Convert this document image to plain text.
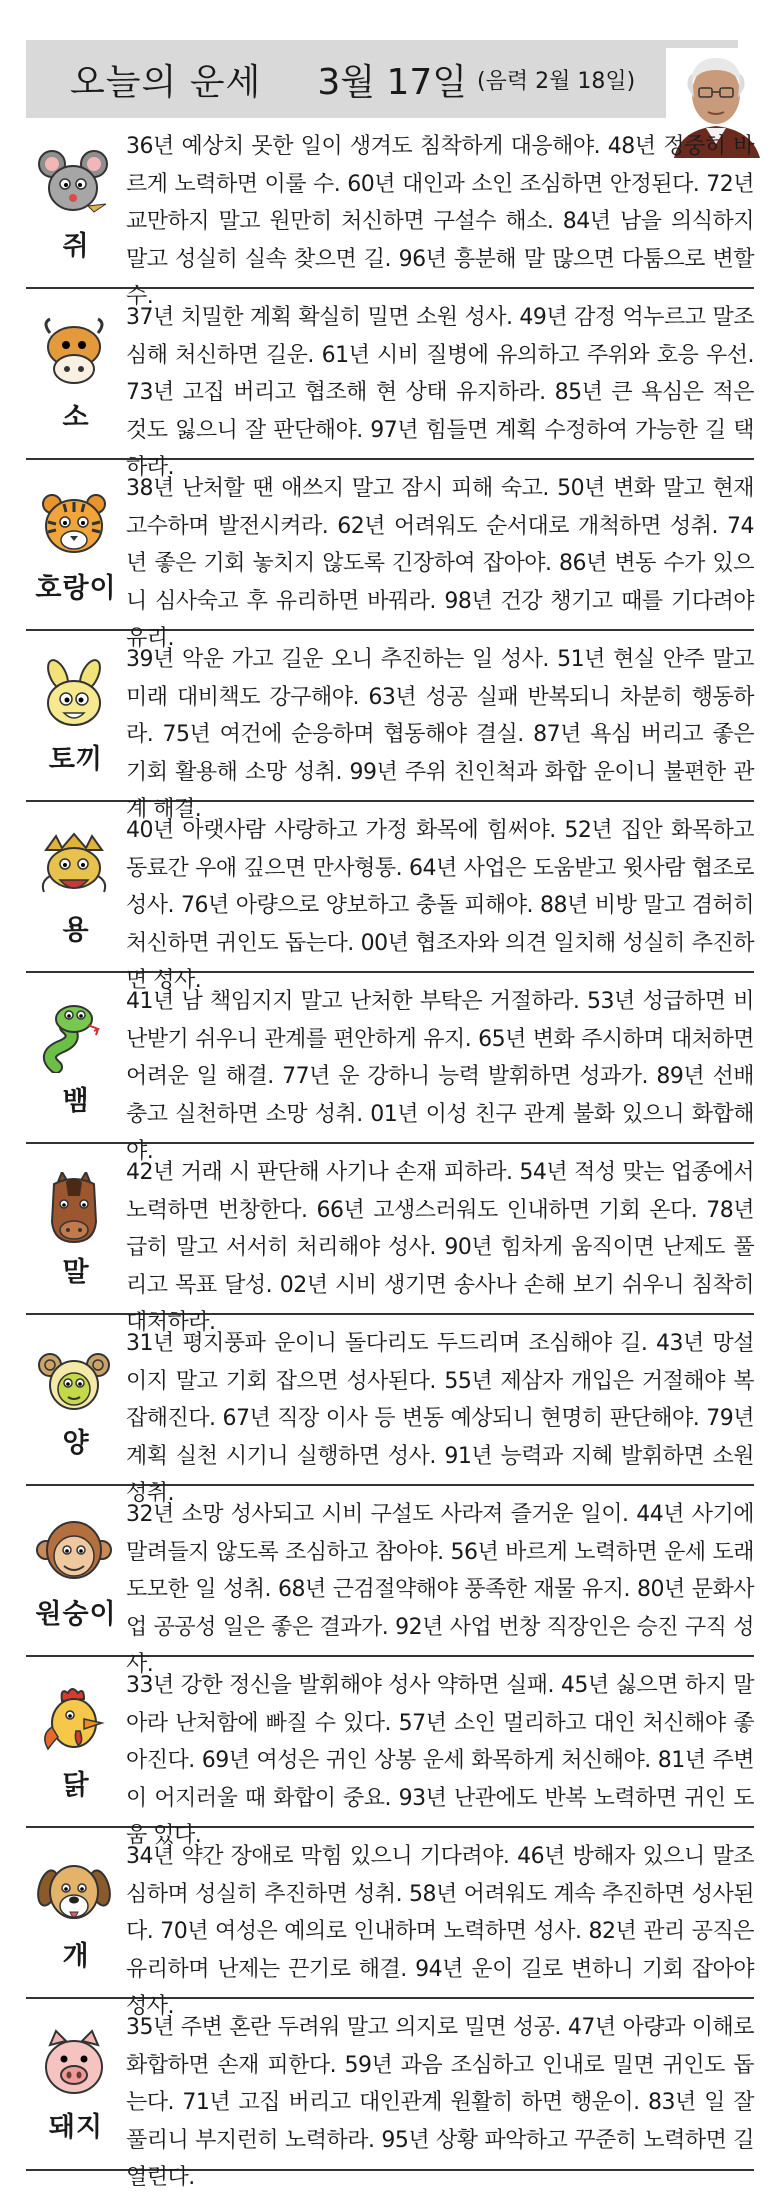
오늘의 운세 3월 17일 (음력 2월 18일)
쥐
36년 예상치 못한 일이 생겨도 침착하게 대응해야. 48년 정중히 바르게 노력하면 이룰 수. 60년 대인과 소인 조심하면 안정된다. 72년 교만하지 말고 원만히 처신하면 구설수 해소. 84년 남을 의식하지 말고 성실히 실속 찾으면 길. 96년 흥분해 말 많으면 다툼으로 변할 수.
소
37년 치밀한 계획 확실히 밀면 소원 성사. 49년 감정 억누르고 말조심해 처신하면 길운. 61년 시비 질병에 유의하고 주위와 호응 우선. 73년 고집 버리고 협조해 현 상태 유지하라. 85년 큰 욕심은 적은 것도 잃으니 잘 판단해야. 97년 힘들면 계획 수정하여 가능한 길 택하라.
호랑이
38년 난처할 땐 애쓰지 말고 잠시 피해 숙고. 50년 변화 말고 현재 고수하며 발전시켜라. 62년 어려워도 순서대로 개척하면 성취. 74년 좋은 기회 놓치지 않도록 긴장하여 잡아야. 86년 변동 수가 있으니 심사숙고 후 유리하면 바꿔라. 98년 건강 챙기고 때를 기다려야 유리.
토끼
39년 악운 가고 길운 오니 추진하는 일 성사. 51년 현실 안주 말고 미래 대비책도 강구해야. 63년 성공 실패 반복되니 차분히 행동하라. 75년 여건에 순응하며 협동해야 결실. 87년 욕심 버리고 좋은 기회 활용해 소망 성취. 99년 주위 친인척과 화합 운이니 불편한 관계 해결.
용
40년 아랫사람 사랑하고 가정 화목에 힘써야. 52년 집안 화목하고 동료간 우애 깊으면 만사형통. 64년 사업은 도움받고 윗사람 협조로 성사. 76년 아량으로 양보하고 충돌 피해야. 88년 비방 말고 겸허히 처신하면 귀인도 돕는다. 00년 협조자와 의견 일치해 성실히 추진하면 성사.
뱀
41년 남 책임지지 말고 난처한 부탁은 거절하라. 53년 성급하면 비난받기 쉬우니 관계를 편안하게 유지. 65년 변화 주시하며 대처하면 어려운 일 해결. 77년 운 강하니 능력 발휘하면 성과가. 89년 선배 충고 실천하면 소망 성취. 01년 이성 친구 관계 불화 있으니 화합해야.
말
42년 거래 시 판단해 사기나 손재 피하라. 54년 적성 맞는 업종에서 노력하면 번창한다. 66년 고생스러워도 인내하면 기회 온다. 78년 급히 말고 서서히 처리해야 성사. 90년 힘차게 움직이면 난제도 풀리고 목표 달성. 02년 시비 생기면 송사나 손해 보기 쉬우니 침착히 대처하라.
양
31년 평지풍파 운이니 돌다리도 두드리며 조심해야 길. 43년 망설이지 말고 기회 잡으면 성사된다. 55년 제삼자 개입은 거절해야 복잡해진다. 67년 직장 이사 등 변동 예상되니 현명히 판단해야. 79년 계획 실천 시기니 실행하면 성사. 91년 능력과 지혜 발휘하면 소원 성취.
원숭이
32년 소망 성사되고 시비 구설도 사라져 즐거운 일이. 44년 사기에 말려들지 않도록 조심하고 참아야. 56년 바르게 노력하면 운세 도래 도모한 일 성취. 68년 근검절약해야 풍족한 재물 유지. 80년 문화사업 공공성 일은 좋은 결과가. 92년 사업 번창 직장인은 승진 구직 성사.
닭
33년 강한 정신을 발휘해야 성사 약하면 실패. 45년 싫으면 하지 말아라 난처함에 빠질 수 있다. 57년 소인 멀리하고 대인 처신해야 좋아진다. 69년 여성은 귀인 상봉 운세 화목하게 처신해야. 81년 주변이 어지러울 때 화합이 중요. 93년 난관에도 반복 노력하면 귀인 도움 있다.
개
34년 약간 장애로 막힘 있으니 기다려야. 46년 방해자 있으니 말조심하며 성실히 추진하면 성취. 58년 어려워도 계속 추진하면 성사된다. 70년 여성은 예의로 인내하며 노력하면 성사. 82년 관리 공직은 유리하며 난제는 끈기로 해결. 94년 운이 길로 변하니 기회 잡아야 성사.
돼지
35년 주변 혼란 두려워 말고 의지로 밀면 성공. 47년 아량과 이해로 화합하면 손재 피한다. 59년 과음 조심하고 인내로 밀면 귀인도 돕는다. 71년 고집 버리고 대인관계 원활히 하면 행운이. 83년 일 잘 풀리니 부지런히 노력하라. 95년 상황 파악하고 꾸준히 노력하면 길 열린다.
